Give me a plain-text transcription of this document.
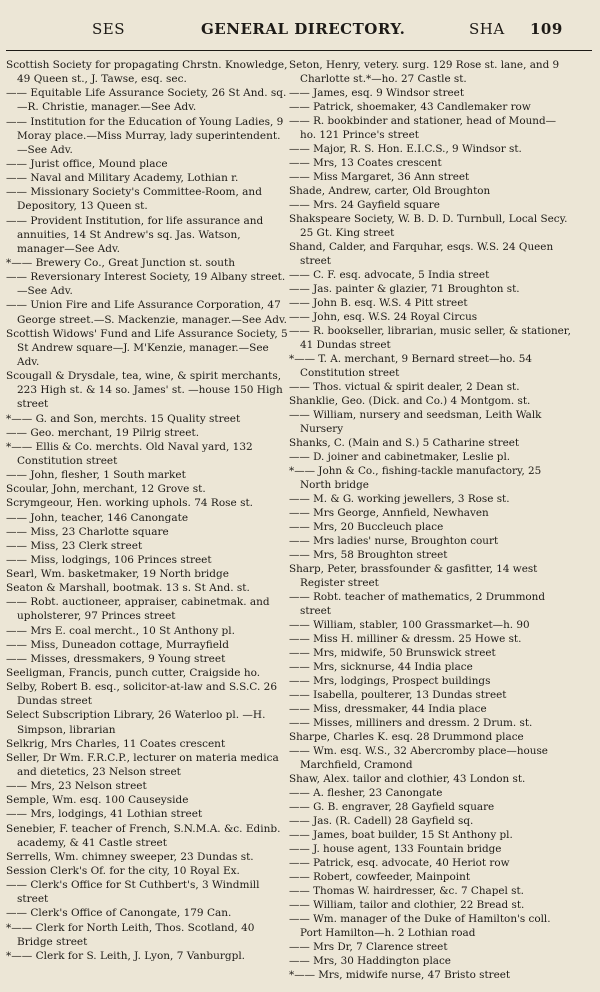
SES	GENERAL DIRECTORY.	SHA 109
Scottish Society for propagating Chrstn. Knowledge, 49 Queen st., J. Tawse, esq. sec.
—— Equitable Life Assurance Society, 26 St And. sq.—R. Christie, manager.—See Adv.
—— Institution for the Education of Young Ladies, 9 Moray place.—Miss Murray, lady superintendent.—See Adv.
—— Jurist office, Mound place
—— Naval and Military Academy, Lothian r.
—— Missionary Society's Committee-Room, and Depository, 13 Queen st.
—— Provident Institution, for life assurance and annuities, 14 St Andrew's sq. Jas. Watson, manager—See Adv.
*—— Brewery Co., Great Junction st. south
—— Reversionary Interest Society, 19 Albany street.—See Adv.
—— Union Fire and Life Assurance Corporation, 47 George street.—S. Mackenzie, manager.—See Adv.
Scottish Widows' Fund and Life Assurance Society, 5 St Andrew square—J. M'Kenzie, manager.—See Adv.
Scougall & Drysdale, tea, wine, & spirit merchants, 223 High st. & 14 so. James' st. —house 150 High street
*—— G. and Son, merchts. 15 Quality street
—— Geo. merchant, 19 Pilrig street.
*—— Ellis & Co. merchts. Old Naval yard, 132 Constitution street
—— John, flesher, 1 South market
Scoular, John, merchant, 12 Grove st.
Scrymgeour, Hen. working uphols. 74 Rose st.
—— John, teacher, 146 Canongate
—— Miss, 23 Charlotte square
—— Miss, 23 Clerk street
—— Miss, lodgings, 106 Princes street
Searl, Wm. basketmaker, 19 North bridge
Seaton & Marshall, bootmak. 13 s. St And. st.
—— Robt. auctioneer, appraiser, cabinetmak. and upholsterer, 97 Princes street
—— Mrs E. coal mercht., 10 St Anthony pl.
—— Miss, Duneadon cottage, Murrayfield
—— Misses, dressmakers, 9 Young street
Seeligman, Francis, punch cutter, Craigside ho.
Selby, Robert B. esq., solicitor-at-law and S.S.C. 26 Dundas street
Select Subscription Library, 26 Waterloo pl. —H. Simpson, librarian
Selkrig, Mrs Charles, 11 Coates crescent
Seller, Dr Wm. F.R.C.P., lecturer on materia medica and dietetics, 23 Nelson street
—— Mrs, 23 Nelson street
Semple, Wm. esq. 100 Causeyside
—— Mrs, lodgings, 41 Lothian street
Senebier, F. teacher of French, S.N.M.A. &c. Edinb. academy, & 41 Castle street
Serrells, Wm. chimney sweeper, 23 Dundas st.
Session Clerk's Of. for the city, 10 Royal Ex.
—— Clerk's Office for St Cuthbert's, 3 Windmill street
—— Clerk's Office of Canongate, 179 Can.
*—— Clerk for North Leith, Thos. Scotland, 40 Bridge street
*—— Clerk for S. Leith, J. Lyon, 7 Vanburgpl.
Seton, Henry, vetery. surg. 129 Rose st. lane, and 9 Charlotte st.*—ho. 27 Castle st.
—— James, esq. 9 Windsor street
—— Patrick, shoemaker, 43 Candlemaker row
—— R. bookbinder and stationer, head of Mound—ho. 121 Prince's street
—— Major, R. S. Hon. E.I.C.S., 9 Windsor st.
—— Mrs, 13 Coates crescent
—— Miss Margaret, 36 Ann street
Shade, Andrew, carter, Old Broughton
—— Mrs. 24 Gayfield square
Shakspeare Society, W. B. D. D. Turnbull, Local Secy. 25 Gt. King street
Shand, Calder, and Farquhar, esqs. W.S. 24 Queen street
—— C. F. esq. advocate, 5 India street
—— Jas. painter & glazier, 71 Broughton st.
—— John B. esq. W.S. 4 Pitt street
—— John, esq. W.S. 24 Royal Circus
—— R. bookseller, librarian, music seller, & stationer, 41 Dundas street
*—— T. A. merchant, 9 Bernard street—ho. 54 Constitution street
—— Thos. victual & spirit dealer, 2 Dean st.
Shanklie, Geo. (Dick. and Co.) 4 Montgom. st.
—— William, nursery and seedsman, Leith Walk Nursery
Shanks, C. (Main and S.) 5 Catharine street
—— D. joiner and cabinetmaker, Leslie pl.
*—— John & Co., fishing-tackle manufactory, 25 North bridge
—— M. & G. working jewellers, 3 Rose st.
—— Mrs George, Annfield, Newhaven
—— Mrs, 20 Buccleuch place
—— Mrs ladies' nurse, Broughton court
—— Mrs, 58 Broughton street
Sharp, Peter, brassfounder & gasfitter, 14 west Register street
—— Robt. teacher of mathematics, 2 Drummond street
—— William, stabler, 100 Grassmarket—h. 90
—— Miss H. milliner & dressm. 25 Howe st.
—— Mrs, midwife, 50 Brunswick street
—— Mrs, sicknurse, 44 India place
—— Mrs, lodgings, Prospect buildings
—— Isabella, poulterer, 13 Dundas street
—— Miss, dressmaker, 44 India place
—— Misses, milliners and dressm. 2 Drum. st.
Sharpe, Charles K. esq. 28 Drummond place
—— Wm. esq. W.S., 32 Abercromby place—house Marchfield, Cramond
Shaw, Alex. tailor and clothier, 43 London st.
—— A. flesher, 23 Canongate
—— G. B. engraver, 28 Gayfield square
—— Jas. (R. Cadell) 28 Gayfield sq.
—— James, boat builder, 15 St Anthony pl.
—— J. house agent, 133 Fountain bridge
—— Patrick, esq. advocate, 40 Heriot row
—— Robert, cowfeeder, Mainpoint
—— Thomas W. hairdresser, &c. 7 Chapel st.
—— William, tailor and clothier, 22 Bread st.
—— Wm. manager of the Duke of Hamilton's coll. Port Hamilton—h. 2 Lothian road
—— Mrs Dr, 7 Clarence street
—— Mrs, 30 Haddington place
*—— Mrs, midwife nurse, 47 Bristo street
